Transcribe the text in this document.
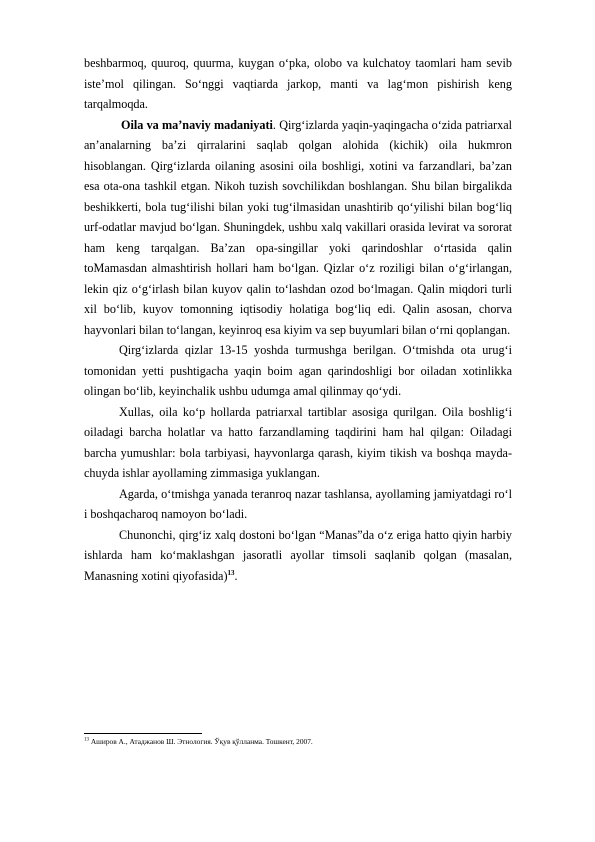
beshbarmoq, quuroq, quurma, kuygan o‘pka, olobo va kulchatoy taomlari ham sevib iste’mol qilingan. So‘nggi vaqtiarda jarkop, manti va lag‘mon pishirish keng tarqalmoqda.

Oila va ma’naviy madaniyati. Qirg‘izlarda yaqin-yaqingacha o‘zida patriarxal an’analarning ba’zi qirralarini saqlab qolgan alohida (kichik) oila hukmron hisoblangan. Qirg‘izlarda oilaning asosini oila boshligi, xotini va farzandlari, ba’zan esa ota-ona tashkil etgan. Nikoh tuzish sovchilikdan boshlangan. Shu bilan birgalikda beshikkerti, bola tug‘ilishi bilan yoki tug‘ilmasidan unashtirib qo‘yilishi bilan bog‘liq urf-odatlar mavjud bo‘lgan. Shuningdek, ushbu xalq vakillari orasida levirat va sororat ham keng tarqalgan. Ba’zan opa-singillar yoki qarindoshlar o‘rtasida qalin toMamasdan almashtirish hollari ham bo‘lgan. Qizlar o‘z roziligi bilan o‘g‘irlangan, lekin qiz o‘g‘irlash bilan kuyov qalin to‘lashdan ozod bo‘lmagan. Qalin miqdori turli xil bo‘lib, kuyov tomonning iqtisodiy holatiga bog‘liq edi. Qalin asosan, chorva hayvonlari bilan to‘langan, keyinroq esa kiyim va sep buyumlari bilan o‘rni qoplangan.

Qirg‘izlarda qizlar 13-15 yoshda turmushga berilgan. O‘tmishda ota urug‘i tomonidan yetti pushtigacha yaqin boim agan qarindoshligi bor oiladan xotinlikka olingan bo‘lib, keyinchalik ushbu udumga amal qilinmay qo‘ydi.

Xullas, oila ko‘p hollarda patriarxal tartiblar asosiga qurilgan. Oila boshlig‘i oiladagi barcha holatlar va hatto farzandlaming taqdirini ham hal qilgan: Oiladagi barcha yumushlar: bola tarbiyasi, hayvonlarga qarash, kiyim tikish va boshqa mayda-chuyda ishlar ayollaming zimmasiga yuklangan.

Agarda, o‘tmishga yanada teranroq nazar tashlansa, ayollaming jamiyatdagi ro‘l i boshqacharoq namoyon bo‘ladi.

Chunonchi, qirg‘iz xalq dostoni bo‘lgan “Manas”da o‘z eriga hatto qiyin harbiy ishlarda ham ko‘maklashgan jasoratli ayollar timsoli saqlanib qolgan (masalan, Manasning xotini qiyofasida)$^{13}$.

$^{13}$ Аширов А., Атаджанов Ш. Этнология. Ўқув қўлланма. Тошкент, 2007.
